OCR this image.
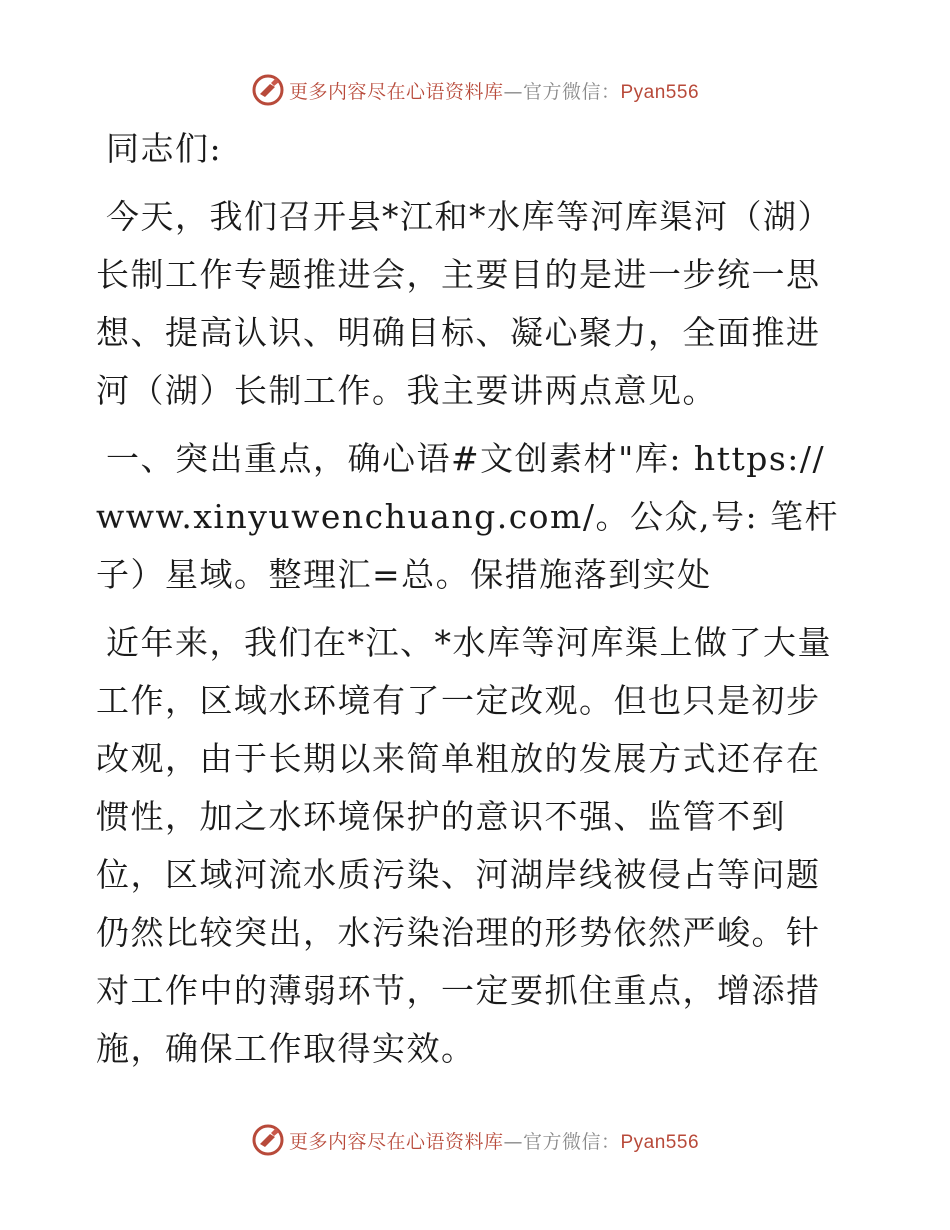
更多内容尽在心语资料库—官方微信：Pyan556

同志们:

今天，我们召开县*江和*水库等河库渠河（湖）长制工作专题推进会，主要目的是进一步统一思想、提高认识、明确目标、凝心聚力，全面推进河（湖）长制工作。我主要讲两点意见。

一、突出重点，确心语#文创素材"库: https://www.xinyuwenchuang.com/。公众,号: 笔杆子）星域。整理汇=总。保措施落到实处

近年来，我们在*江、*水库等河库渠上做了大量工作，区域水环境有了一定改观。但也只是初步改观，由于长期以来简单粗放的发展方式还存在惯性，加之水环境保护的意识不强、监管不到位，区域河流水质污染、河湖岸线被侵占等问题仍然比较突出，水污染治理的形势依然严峻。针对工作中的薄弱环节，一定要抓住重点，增添措施，确保工作取得实效。

更多内容尽在心语资料库—官方微信：Pyan556
